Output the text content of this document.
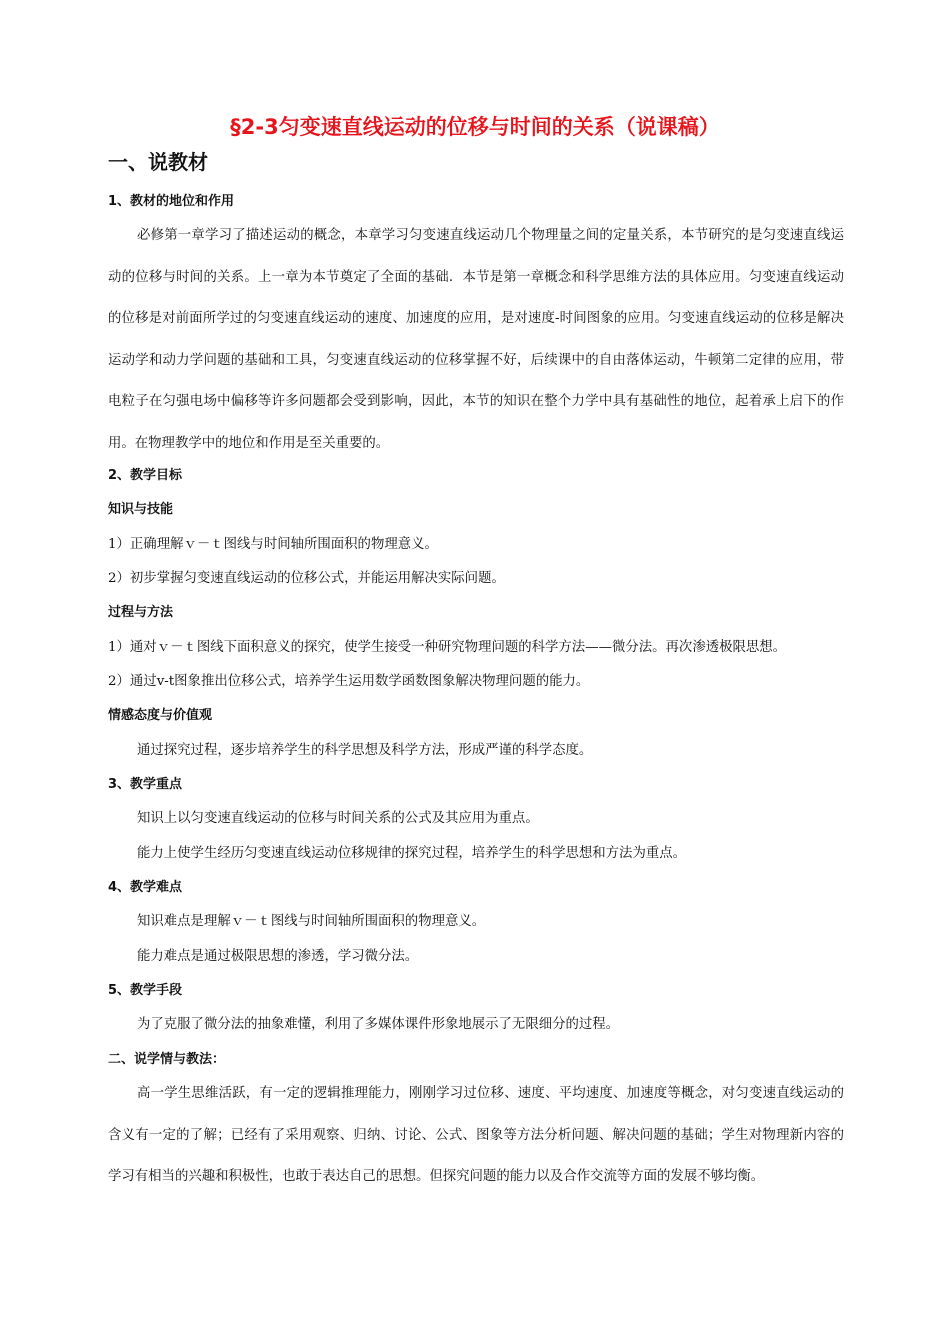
§2-3匀变速直线运动的位移与时间的关系（说课稿）
一、说教材
1、教材的地位和作用
必修第一章学习了描述运动的概念，本章学习匀变速直线运动几个物理量之间的定量关系，本节研究的是匀变速直线运动的位移与时间的关系。上一章为本节奠定了全面的基础．本节是第一章概念和科学思维方法的具体应用。匀变速直线运动的位移是对前面所学过的匀变速直线运动的速度、加速度的应用，是对速度-时间图象的应用。匀变速直线运动的位移是解决运动学和动力学问题的基础和工具，匀变速直线运动的位移掌握不好，后续课中的自由落体运动，牛顿第二定律的应用，带电粒子在匀强电场中偏移等许多问题都会受到影响，因此，本节的知识在整个力学中具有基础性的地位，起着承上启下的作用。在物理教学中的地位和作用是至关重要的。
2、教学目标
知识与技能
1）正确理解ｖ－ｔ图线与时间轴所围面积的物理意义。
2）初步掌握匀变速直线运动的位移公式，并能运用解决实际问题。
过程与方法
1）通对ｖ－ｔ图线下面积意义的探究，使学生接受一种研究物理问题的科学方法——微分法。再次渗透极限思想。
2）通过v-t图象推出位移公式，培养学生运用数学函数图象解决物理问题的能力。
情感态度与价值观
通过探究过程，逐步培养学生的科学思想及科学方法，形成严谨的科学态度。
3、教学重点
知识上以匀变速直线运动的位移与时间关系的公式及其应用为重点。
能力上使学生经历匀变速直线运动位移规律的探究过程，培养学生的科学思想和方法为重点。
4、教学难点
知识难点是理解ｖ－ｔ图线与时间轴所围面积的物理意义。
能力难点是通过极限思想的渗透，学习微分法。
5、教学手段
为了克服了微分法的抽象难懂，利用了多媒体课件形象地展示了无限细分的过程。
二、说学情与教法：
高一学生思维活跃，有一定的逻辑推理能力，刚刚学习过位移、速度、平均速度、加速度等概念，对匀变速直线运动的含义有一定的了解；已经有了采用观察、归纳、讨论、公式、图象等方法分析问题、解决问题的基础；学生对物理新内容的学习有相当的兴趣和积极性，也敢于表达自己的思想。但探究问题的能力以及合作交流等方面的发展不够均衡。
